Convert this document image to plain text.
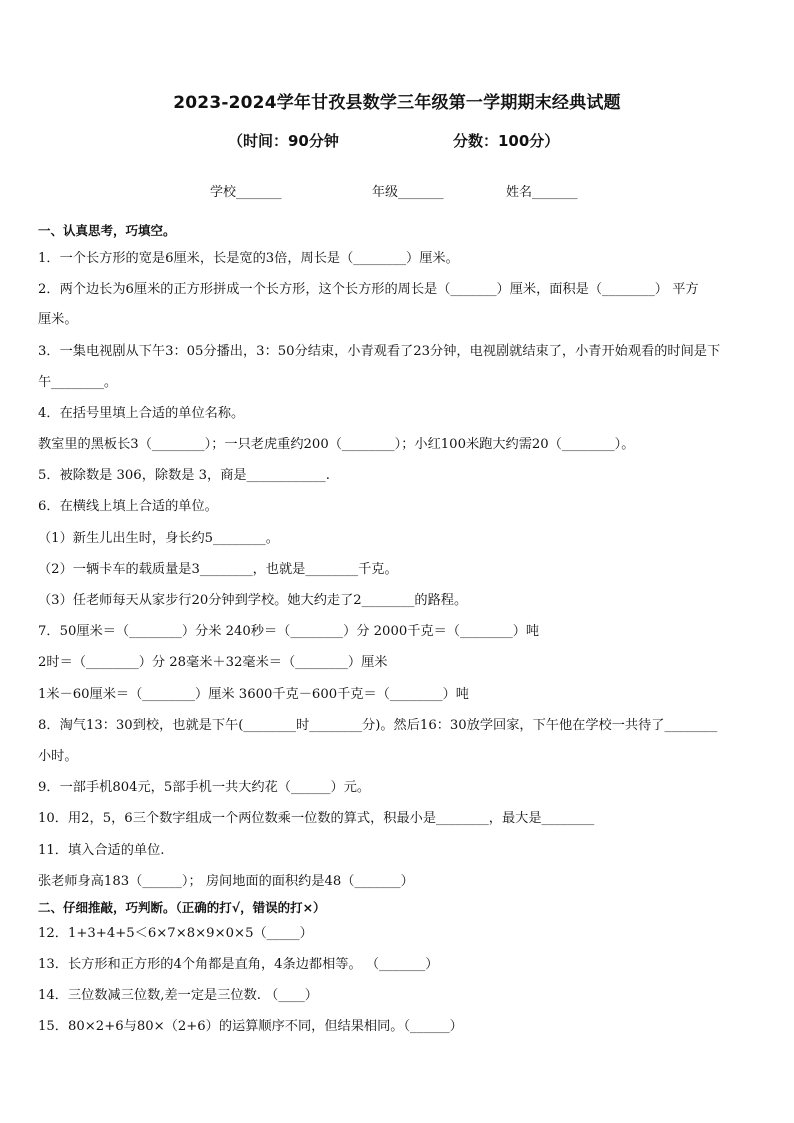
2023-2024学年甘孜县数学三年级第一学期期末经典试题
（时间：90分钟	分数：100分）
学校_______	年级_______	姓名_______
一、认真思考，巧填空。
1．一个长方形的宽是6厘米，长是宽的3倍，周长是（________）厘米。
2．两个边长为6厘米的正方形拼成一个长方形，这个长方形的周长是（_______）厘米，面积是（________） 平方
厘米。
3．一集电视剧从下午3：05分播出，3：50分结束，小青观看了23分钟，电视剧就结束了，小青开始观看的时间是下
午________。
4．在括号里填上合适的单位名称。
教室里的黑板长3（________）；一只老虎重约200（________）；小红100米跑大约需20（________）。
5．被除数是 306，除数是 3，商是____________.
6．在横线上填上合适的单位。
（1）新生儿出生时，身长约5________。
（2）一辆卡车的载质量是3________，也就是________千克。
（3）任老师每天从家步行20分钟到学校。她大约走了2________的路程。
7．50厘米＝（________）分米 240秒＝（________）分 2000千克＝（________）吨
2时＝（________）分 28毫米＋32毫米＝（________）厘米
1米－60厘米＝（________）厘米 3600千克－600千克＝（________）吨
8．淘气13：30到校，也就是下午(________时________分)。然后16：30放学回家，下午他在学校一共待了________
小时。
9．一部手机804元，5部手机一共大约花（______）元。
10．用2，5，6三个数字组成一个两位数乘一位数的算式，积最小是________，最大是________
11．填入合适的单位.
张老师身高183（______）； 房间地面的面积约是48（_______）
二、仔细推敲，巧判断。（正确的打√，错误的打×）
12．1+3+4+5＜6×7×8×9×0×5（_____）
13．长方形和正方形的4个角都是直角，4条边都相等。 （_______）
14．三位数减三位数,差一定是三位数. （____）
15．80×2+6与80×（2+6）的运算顺序不同，但结果相同。（______）
